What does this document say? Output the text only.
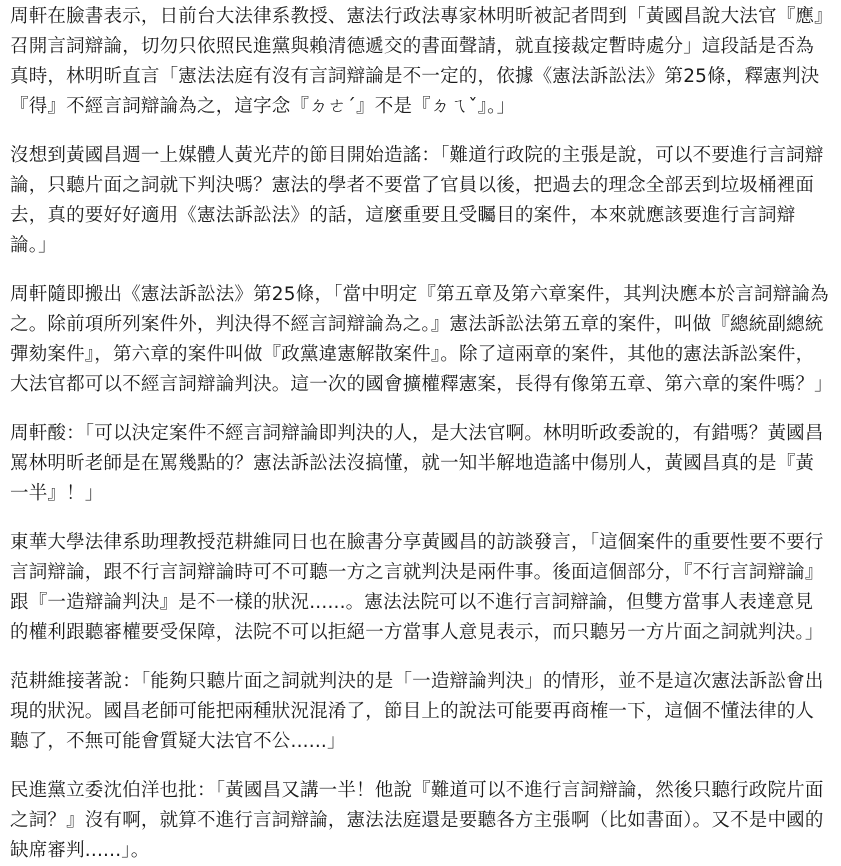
周軒在臉書表示，日前台大法律系教授、憲法行政法專家林明昕被記者問到「黃國昌說大法官『應』召開言詞辯論，切勿只依照民進黨與賴清德遞交的書面聲請，就直接裁定暫時處分」這段話是否為真時，林明昕直言「憲法法庭有沒有言詞辯論是不一定的，依據《憲法訴訟法》第25條，釋憲判決『得』不經言詞辯論為之，這字念『ㄉㄜˊ』不是『ㄉㄟˇ』。」

沒想到黃國昌週一上媒體人黃光芹的節目開始造謠：「難道行政院的主張是說，可以不要進行言詞辯論，只聽片面之詞就下判決嗎？憲法的學者不要當了官員以後，把過去的理念全部丟到垃圾桶裡面去，真的要好好適用《憲法訴訟法》的話，這麼重要且受矚目的案件，本來就應該要進行言詞辯論。」

周軒隨即搬出《憲法訴訟法》第25條，「當中明定『第五章及第六章案件，其判決應本於言詞辯論為之。除前項所列案件外，判決得不經言詞辯論為之。』憲法訴訟法第五章的案件，叫做『總統副總統彈劾案件』，第六章的案件叫做『政黨違憲解散案件』。除了這兩章的案件，其他的憲法訴訟案件，大法官都可以不經言詞辯論判決。這一次的國會擴權釋憲案，長得有像第五章、第六章的案件嗎？」

周軒酸：「可以決定案件不經言詞辯論即判決的人，是大法官啊。林明昕政委說的，有錯嗎？黃國昌罵林明昕老師是在罵幾點的？憲法訴訟法沒搞懂，就一知半解地造謠中傷別人，黃國昌真的是『黃一半』！」

東華大學法律系助理教授范耕維同日也在臉書分享黃國昌的訪談發言，「這個案件的重要性要不要行言詞辯論，跟不行言詞辯論時可不可聽一方之言就判決是兩件事。後面這個部分，『不行言詞辯論』跟『一造辯論判決』是不一樣的狀況......。憲法法院可以不進行言詞辯論，但雙方當事人表達意見的權利跟聽審權要受保障，法院不可以拒絕一方當事人意見表示，而只聽另一方片面之詞就判決。」

范耕維接著說：「能夠只聽片面之詞就判決的是「一造辯論判決」的情形，並不是這次憲法訴訟會出現的狀況。國昌老師可能把兩種狀況混淆了，節目上的說法可能要再商榷一下，這個不懂法律的人聽了，不無可能會質疑大法官不公......」

民進黨立委沈伯洋也批：「黃國昌又講一半！他說『難道可以不進行言詞辯論，然後只聽行政院片面之詞？』沒有啊，就算不進行言詞辯論，憲法法庭還是要聽各方主張啊（比如書面）。又不是中國的缺席審判......」。
